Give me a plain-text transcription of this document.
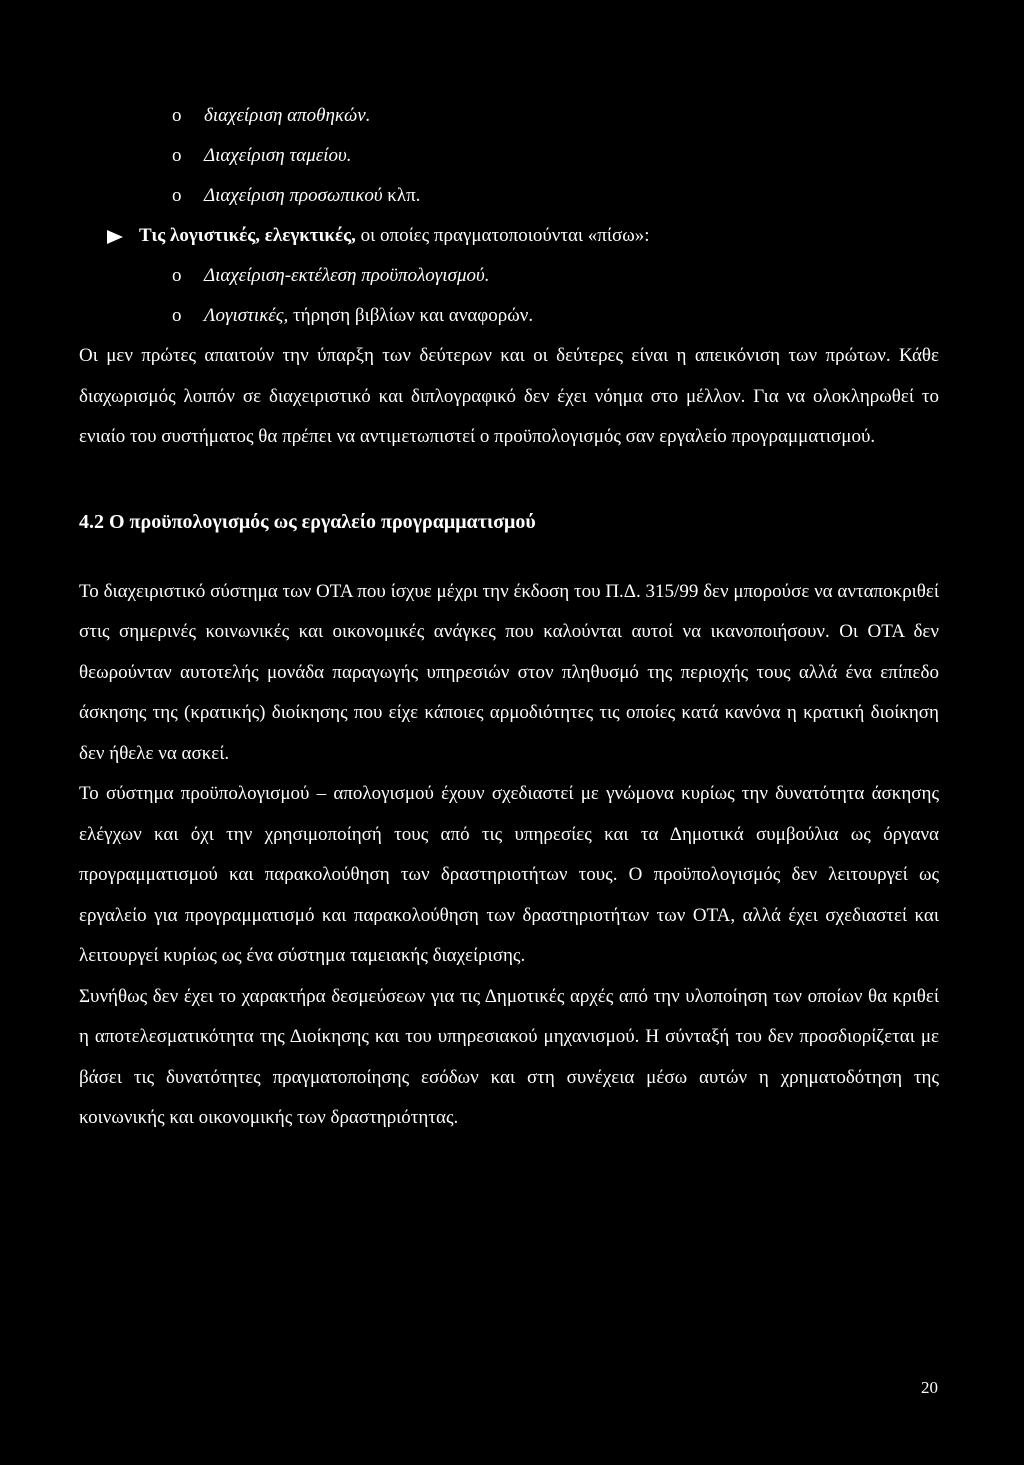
o	διαχείριση αποθηκών.
o	Διαχείριση ταμείου.
o	Διαχείριση προσωπικού κλπ.
Τις λογιστικές, ελεγκτικές, οι οποίες πραγματοποιούνται «πίσω»:
o	Διαχείριση-εκτέλεση προϋπολογισμού.
o	Λογιστικές, τήρηση βιβλίων και αναφορών.

Οι μεν πρώτες απαιτούν την ύπαρξη των δεύτερων και οι δεύτερες είναι η απεικόνιση των πρώτων. Κάθε διαχωρισμός λοιπόν σε διαχειριστικό και διπλογραφικό δεν έχει νόημα στο μέλλον. Για να ολοκληρωθεί το ενιαίο του συστήματος θα πρέπει να αντιμετωπιστεί ο προϋπολογισμός σαν εργαλείο προγραμματισμού.

4.2 Ο προϋπολογισμός ως εργαλείο προγραμματισμού

Το διαχειριστικό σύστημα των ΟΤΑ που ίσχυε μέχρι την έκδοση του Π.Δ. 315/99 δεν μπορούσε να ανταποκριθεί στις σημερινές κοινωνικές και οικονομικές ανάγκες που καλούνται αυτοί να ικανοποιήσουν. Οι ΟΤΑ δεν θεωρούνταν αυτοτελής μονάδα παραγωγής υπηρεσιών στον πληθυσμό της περιοχής τους αλλά ένα επίπεδο άσκησης της (κρατικής) διοίκησης που είχε κάποιες αρμοδιότητες τις οποίες κατά κανόνα η κρατική διοίκηση δεν ήθελε να ασκεί.

Το σύστημα προϋπολογισμού – απολογισμού έχουν σχεδιαστεί με γνώμονα κυρίως την δυνατότητα άσκησης ελέγχων και όχι την χρησιμοποίησή τους από τις υπηρεσίες και τα Δημοτικά συμβούλια ως όργανα προγραμματισμού και παρακολούθηση των δραστηριοτήτων τους. Ο προϋπολογισμός δεν λειτουργεί ως εργαλείο για προγραμματισμό και παρακολούθηση των δραστηριοτήτων των ΟΤΑ, αλλά έχει σχεδιαστεί και λειτουργεί κυρίως ως ένα σύστημα ταμειακής διαχείρισης.

Συνήθως δεν έχει το χαρακτήρα δεσμεύσεων για τις Δημοτικές αρχές από την υλοποίηση των οποίων θα κριθεί η αποτελεσματικότητα της Διοίκησης και του υπηρεσιακού μηχανισμού. Η σύνταξή του δεν προσδιορίζεται με βάσει τις δυνατότητες πραγματοποίησης εσόδων και στη συνέχεια μέσω αυτών η χρηματοδότηση της κοινωνικής και οικονομικής των δραστηριότητας.

20
